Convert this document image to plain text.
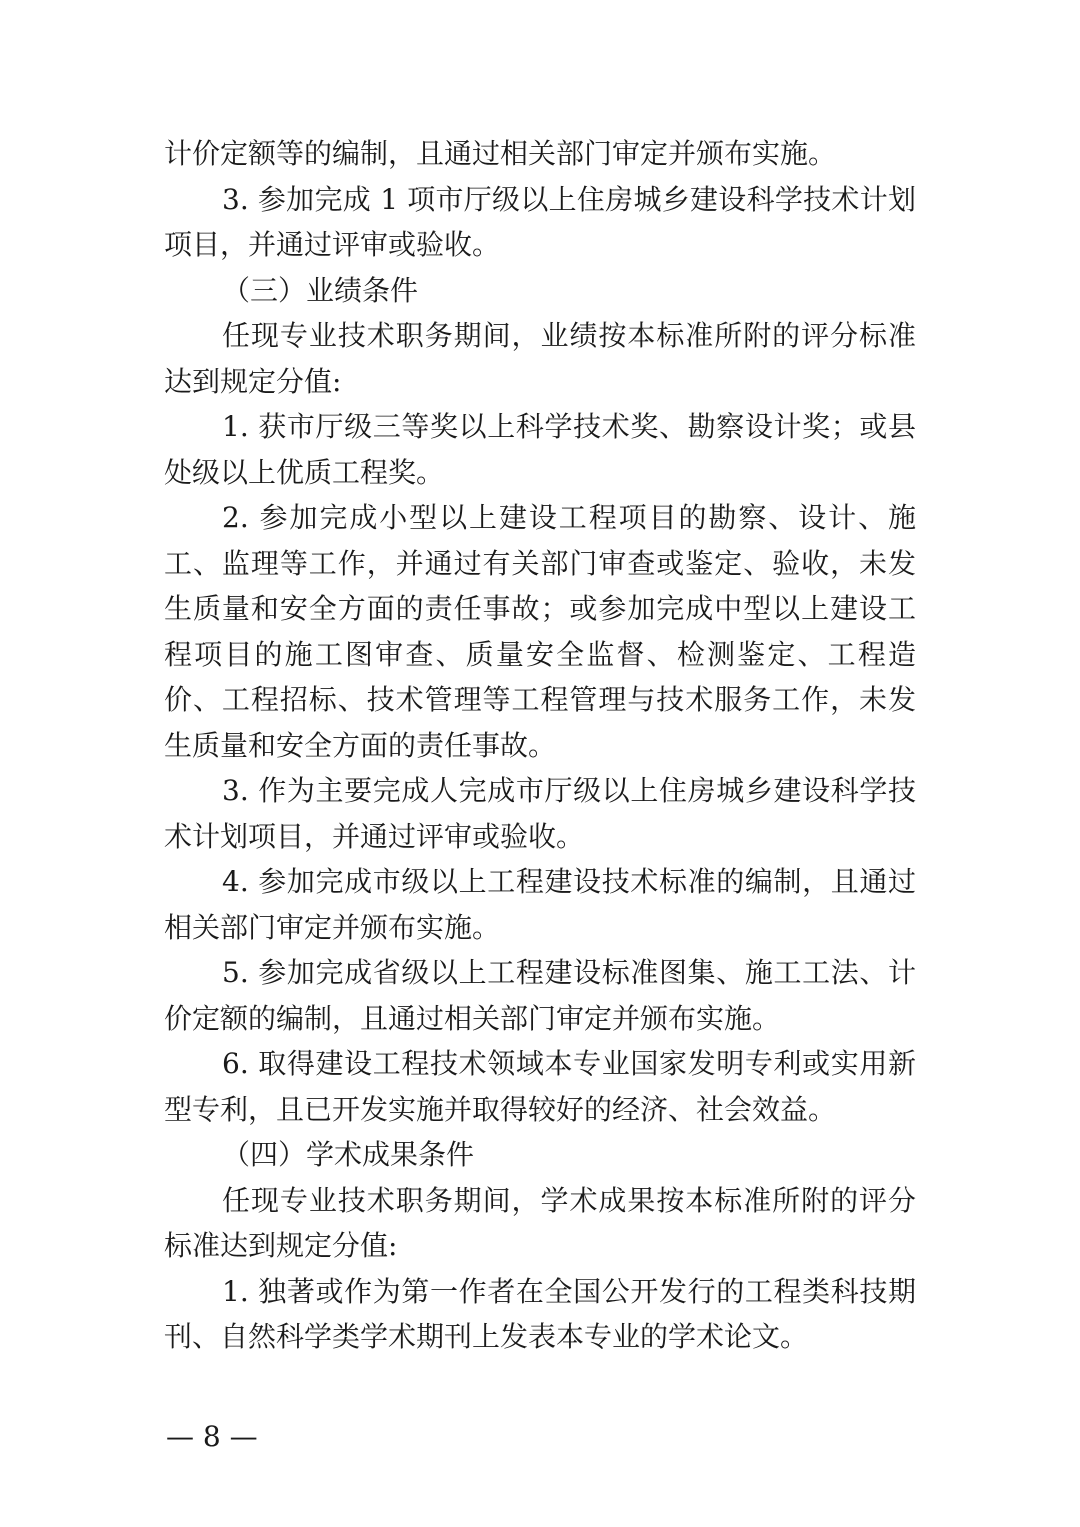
计价定额等的编制，且通过相关部门审定并颁布实施。

3. 参加完成 1 项市厅级以上住房城乡建设科学技术计划项目，并通过评审或验收。

（三）业绩条件

任现专业技术职务期间，业绩按本标准所附的评分标准达到规定分值:

1. 获市厅级三等奖以上科学技术奖、勘察设计奖；或县处级以上优质工程奖。

2. 参加完成小型以上建设工程项目的勘察、设计、施工、监理等工作，并通过有关部门审查或鉴定、验收，未发生质量和安全方面的责任事故；或参加完成中型以上建设工程项目的施工图审查、质量安全监督、检测鉴定、工程造价、工程招标、技术管理等工程管理与技术服务工作，未发生质量和安全方面的责任事故。

3. 作为主要完成人完成市厅级以上住房城乡建设科学技术计划项目，并通过评审或验收。

4. 参加完成市级以上工程建设技术标准的编制，且通过相关部门审定并颁布实施。

5. 参加完成省级以上工程建设标准图集、施工工法、计价定额的编制，且通过相关部门审定并颁布实施。

6. 取得建设工程技术领域本专业国家发明专利或实用新型专利，且已开发实施并取得较好的经济、社会效益。

（四）学术成果条件

任现专业技术职务期间，学术成果按本标准所附的评分标准达到规定分值:

1. 独著或作为第一作者在全国公开发行的工程类科技期刊、自然科学类学术期刊上发表本专业的学术论文。

— 8 —
